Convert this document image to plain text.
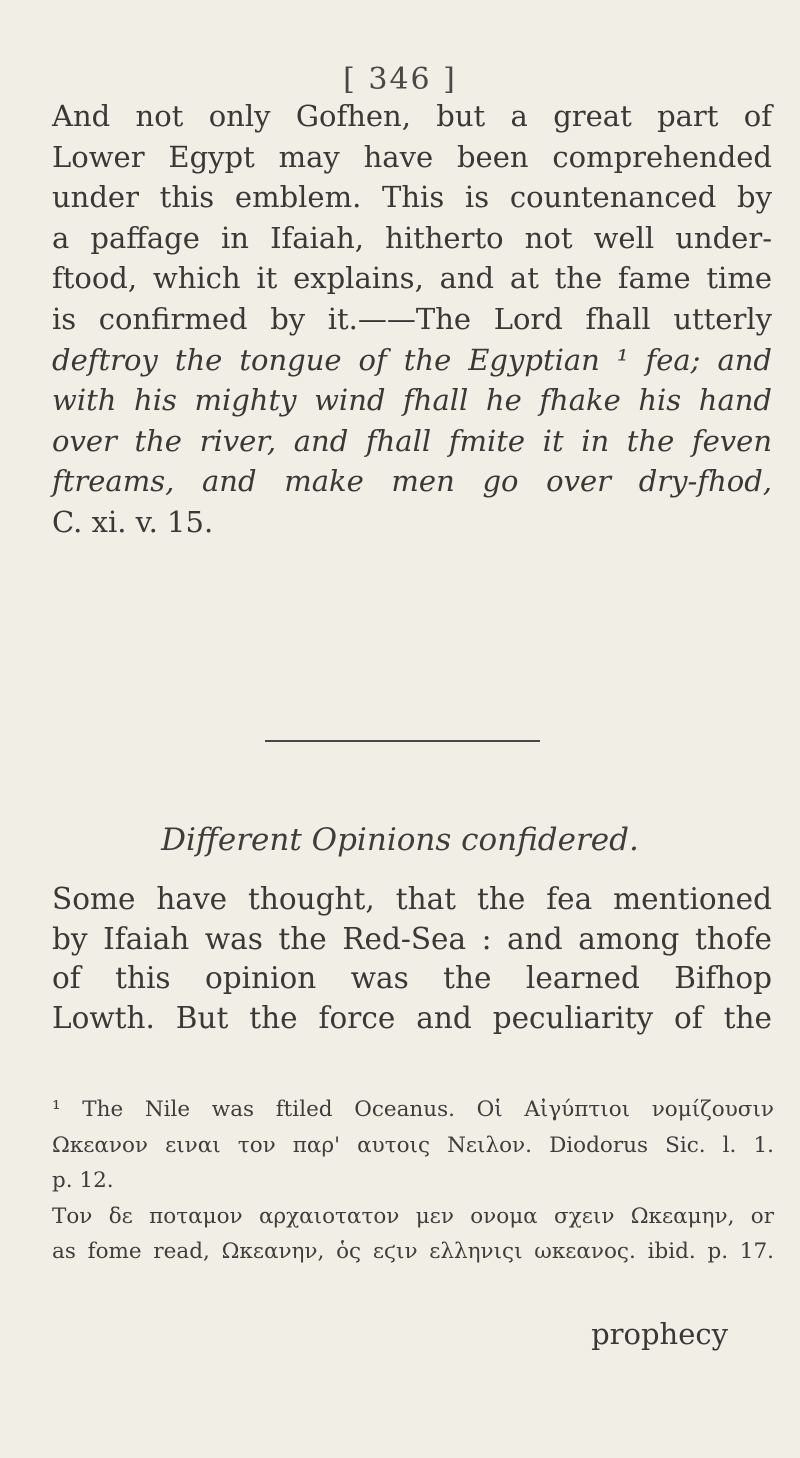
[ 346 ]
And not only Gofhen, but a great part of
Lower Egypt may have been comprehended
under this emblem. This is countenanced by
a paffage in Ifaiah, hitherto not well under-
ftood, which it explains, and at the fame time
is confirmed by it.——The Lord fhall utterly
deftroy the tongue of the Egyptian ¹ fea; and
with his mighty wind fhall he fhake his hand
over the river, and fhall fmite it in the feven
ftreams, and make men go over dry-fhod,
C. xi. v. 15.
Different Opinions confidered.
Some have thought, that the fea mentioned
by Ifaiah was the Red-Sea : and among thofe
of this opinion was the learned Bifhop
Lowth. But the force and peculiarity of the
¹ The Nile was ftiled Oceanus. Οἱ Αἰγύπτιοι νομίζουσιν
Ωκεανον ειναι τον παρ' αυτοις Νειλον. Diodorus Sic. l. 1.
p. 12.
Τον δε ποταμον αρχαιοτατον μεν ονομα σχειν Ωκεαμην, or
as fome read, Ωκεανην, ὁς εϛιν ελληνιςι ωκεανος. ibid. p. 17.
prophecy
